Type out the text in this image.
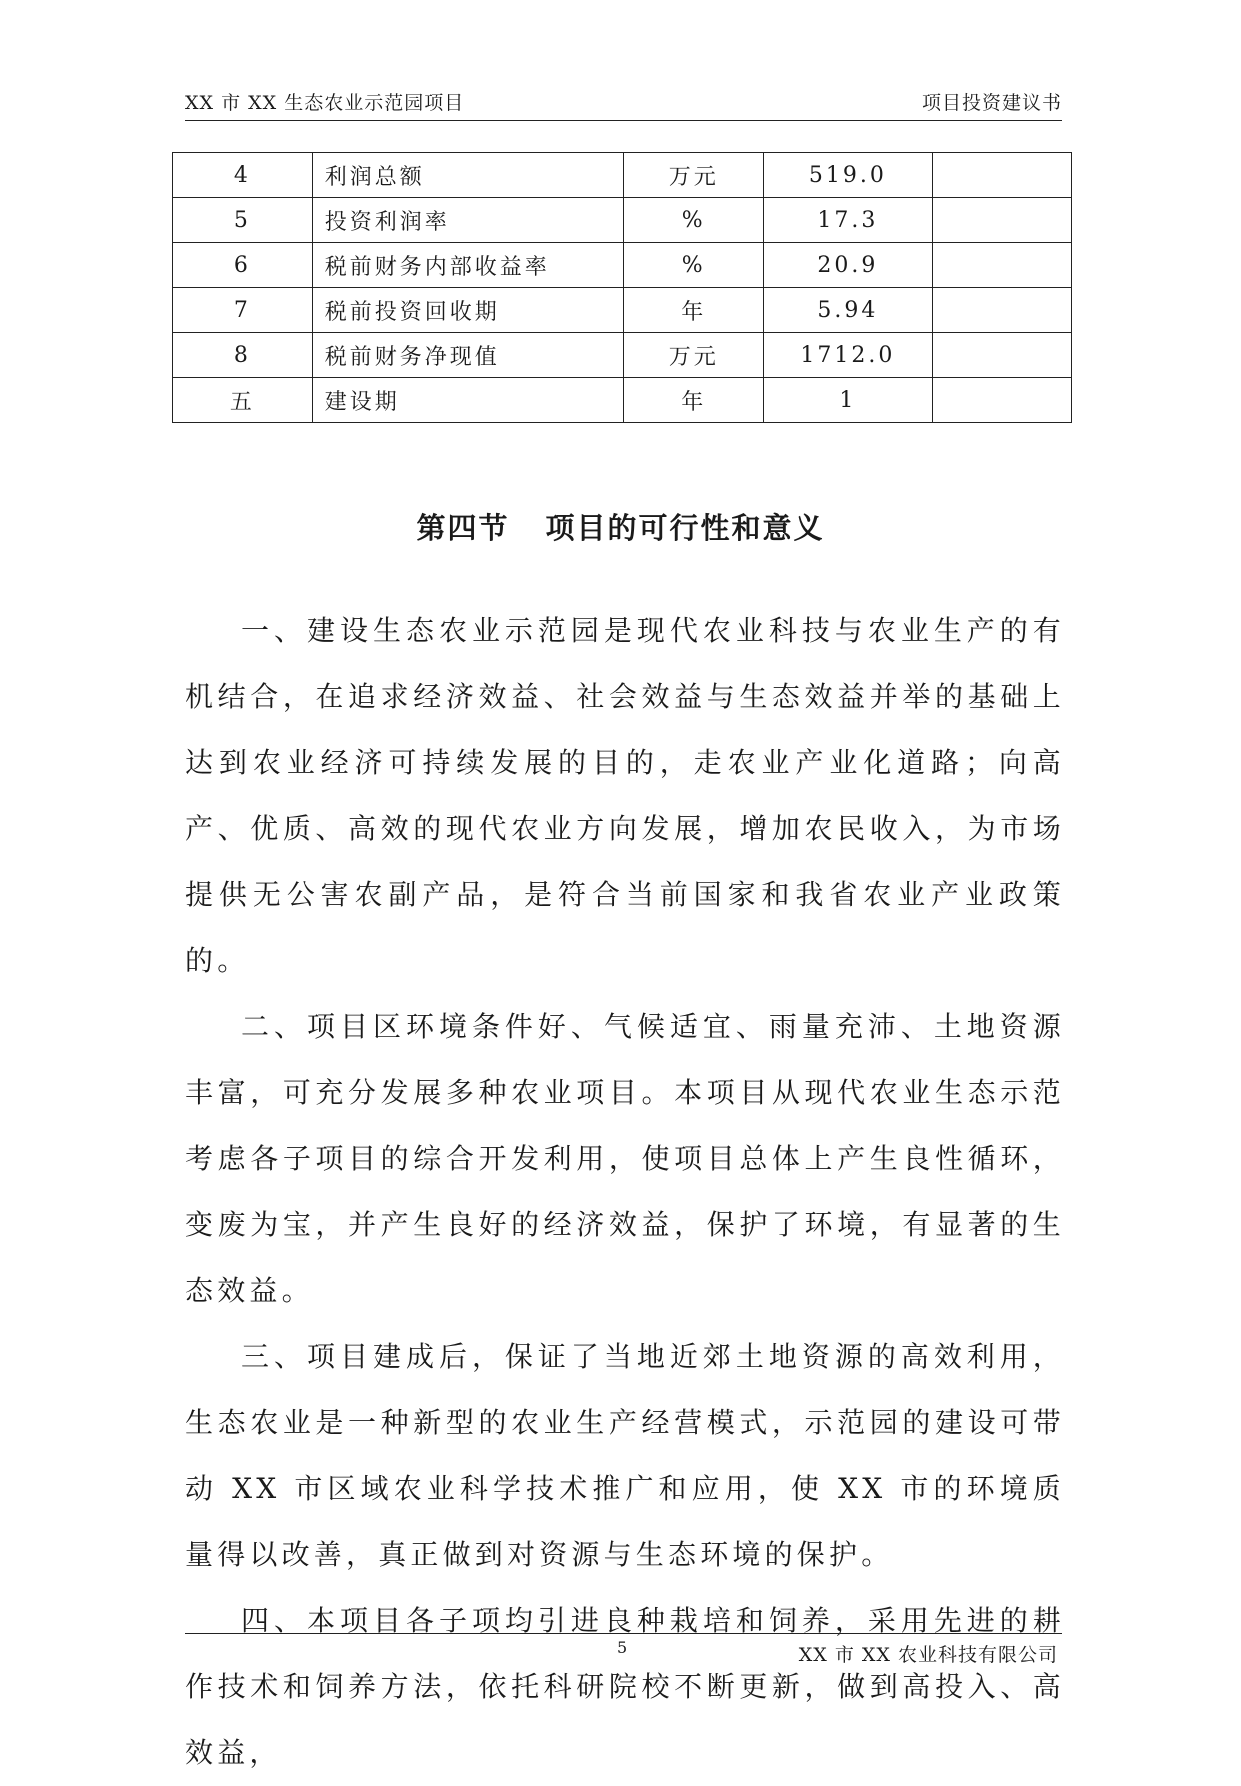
XX 市 XX 生态农业示范园项目	项目投资建议书
4	利润总额	万元	519.0	
5	投资利润率	%	17.3	
6	税前财务内部收益率	%	20.9	
7	税前投资回收期	年	5.94	
8	税前财务净现值	万元	1712.0	
五	建设期	年	1	
第四节 项目的可行性和意义

一、建设生态农业示范园是现代农业科技与农业生产的有机结合，在追求经济效益、社会效益与生态效益并举的基础上达到农业经济可持续发展的目的，走农业产业化道路；向高产、优质、高效的现代农业方向发展，增加农民收入，为市场提供无公害农副产品，是符合当前国家和我省农业产业政策的。

二、项目区环境条件好、气候适宜、雨量充沛、土地资源丰富，可充分发展多种农业项目。本项目从现代农业生态示范考虑各子项目的综合开发利用，使项目总体上产生良性循环，变废为宝，并产生良好的经济效益，保护了环境，有显著的生态效益。

三、项目建成后，保证了当地近郊土地资源的高效利用，生态农业是一种新型的农业生产经营模式，示范园的建设可带动 XX 市区域农业科学技术推广和应用，使 XX 市的环境质量得以改善，真正做到对资源与生态环境的保护。

四、本项目各子项均引进良种栽培和饲养，采用先进的耕作技术和饲养方法，依托科研院校不断更新，做到高投入、高效益，

5	XX 市 XX 农业科技有限公司
